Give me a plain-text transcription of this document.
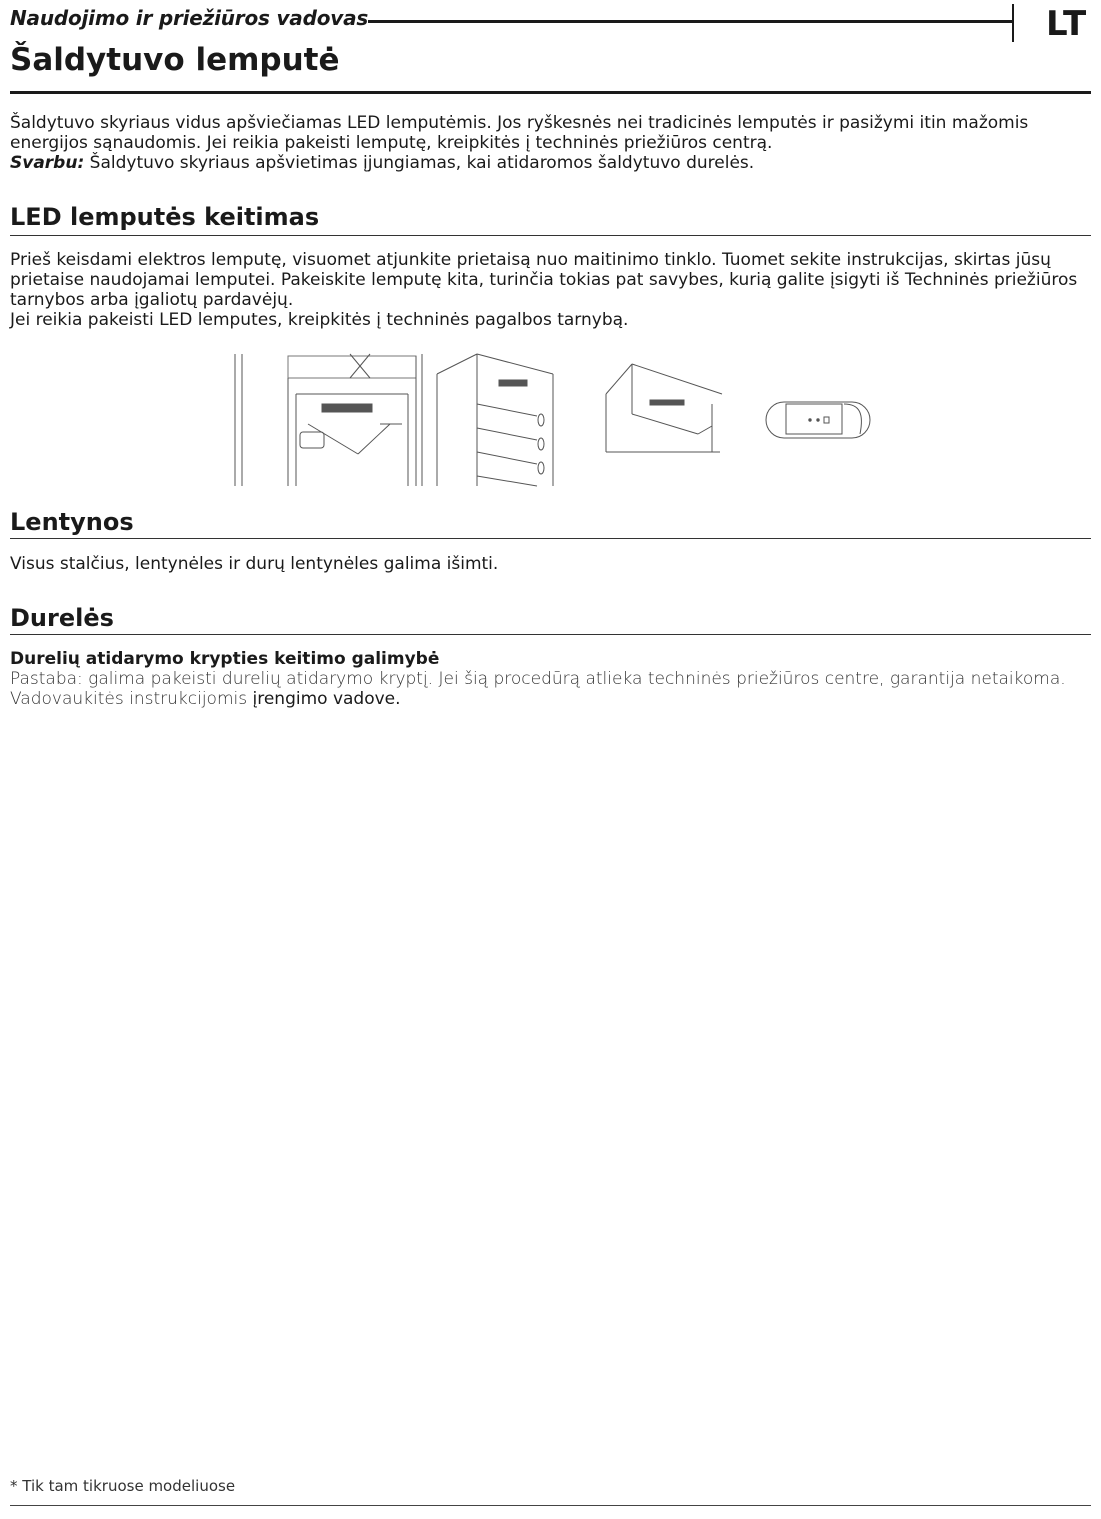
Naudojimo ir priežiūros vadovas	LT
Šaldytuvo lemputė

Šaldytuvo skyriaus vidus apšviečiamas LED lemputėmis. Jos ryškesnės nei tradicinės lemputės ir pasižymi itin mažomis energijos sąnaudomis. Jei reikia pakeisti lemputę, kreipkitės į techninės priežiūros centrą.

Svarbu: Šaldytuvo skyriaus apšvietimas įjungiamas, kai atidaromos šaldytuvo durelės.

LED lemputės keitimas

Prieš keisdami elektros lemputę, visuomet atjunkite prietaisą nuo maitinimo tinklo. Tuomet sekite instrukcijas, skirtas jūsų prietaise naudojamai lemputei. Pakeiskite lemputę kita, turinčia tokias pat savybes, kurią galite įsigyti iš Techninės priežiūros tarnybos arba įgaliotų pardavėjų.

Jei reikia pakeisti LED lemputes, kreipkitės į techninės pagalbos tarnybą.

Lentynos
Visus stalčius, lentynėles ir durų lentynėles galima išimti.
Durelės
Durelių atidarymo krypties keitimo galimybė
Pastaba: galima pakeisti durelių atidarymo kryptį. Jei šią procedūrą atlieka techninės priežiūros centre, garantija netaikoma.
Vadovaukitės instrukcijomis įrengimo vadove.
* Tik tam tikruose modeliuose
